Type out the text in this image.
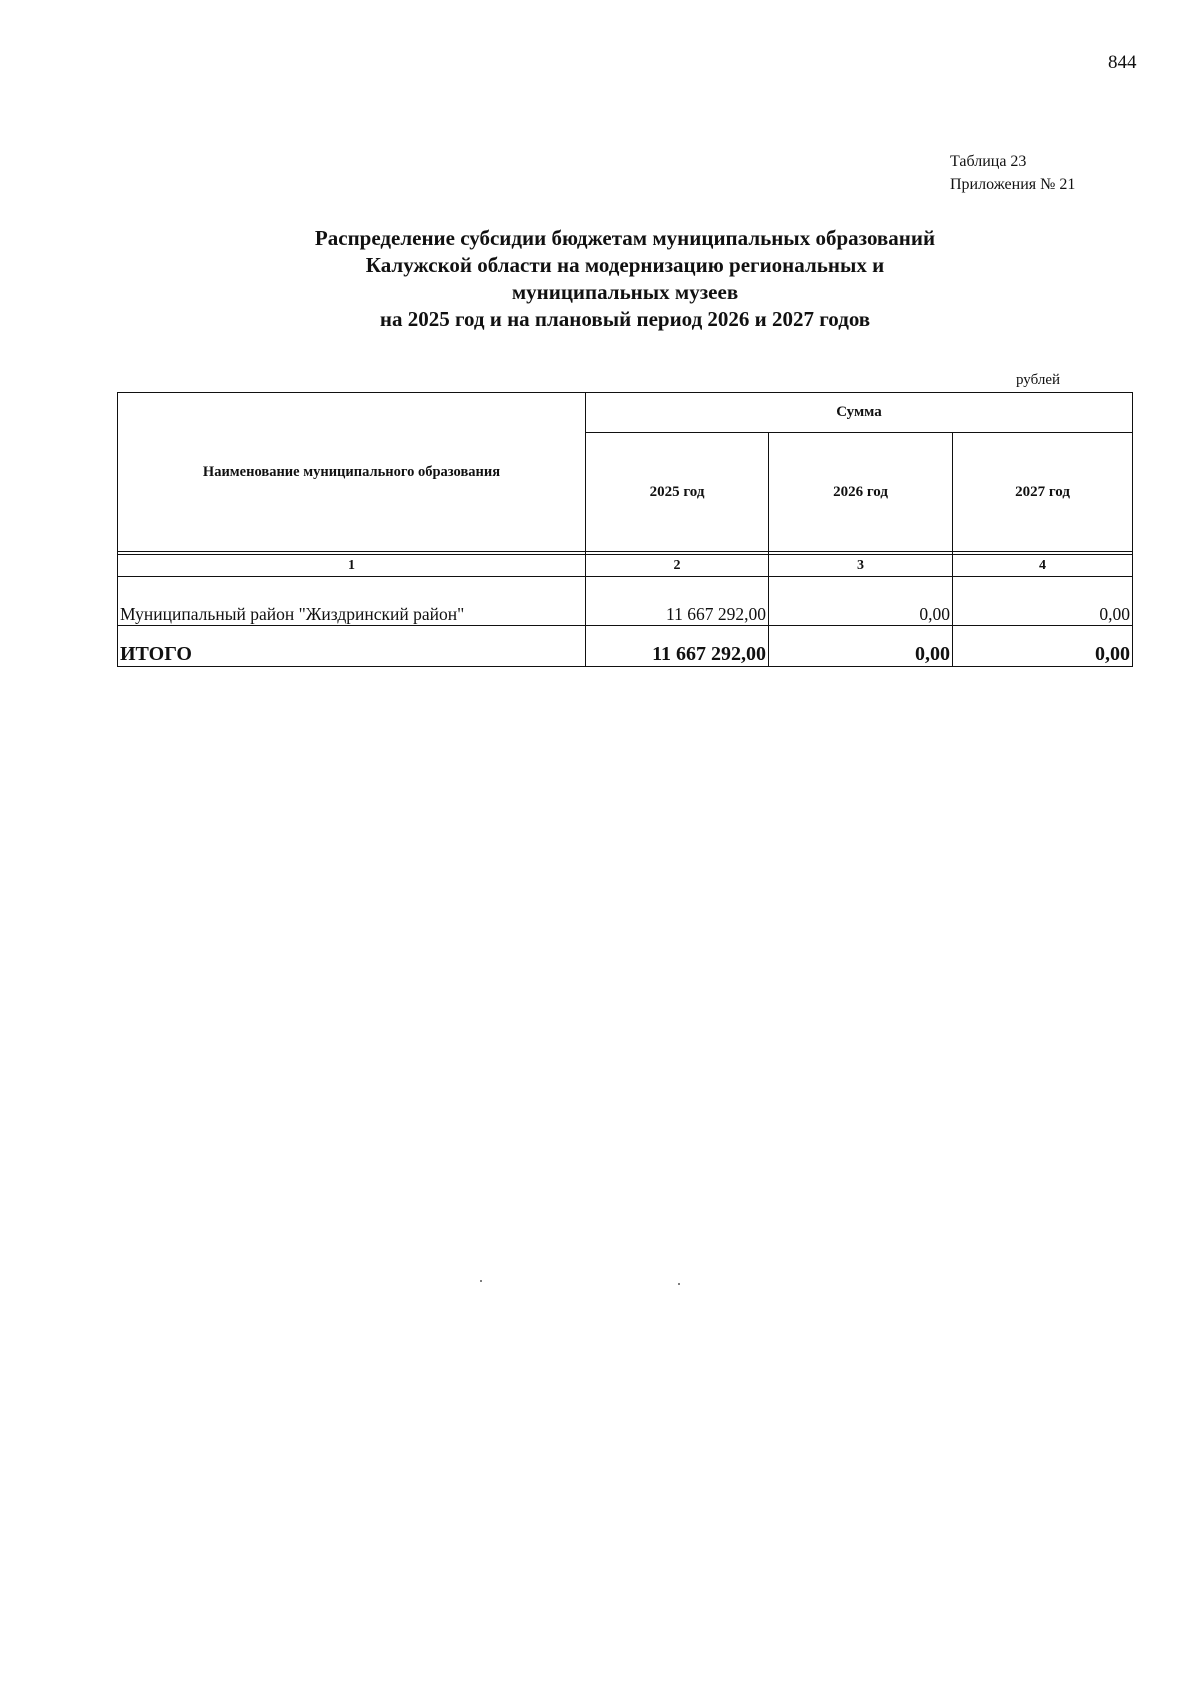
844
Таблица 23
Приложения № 21
Распределение субсидии бюджетам муниципальных образований
Калужской области на модернизацию региональных и
муниципальных музеев
на 2025 год и на плановый период 2026 и 2027 годов
рублей
Наименование муниципального образования	Сумма		
	2025 год	2026 год	2027 год

1	2	3	4
Муниципальный район "Жиздринский район"	11 667 292,00	0,00	0,00
ИТОГО	11 667 292,00	0,00	0,00
